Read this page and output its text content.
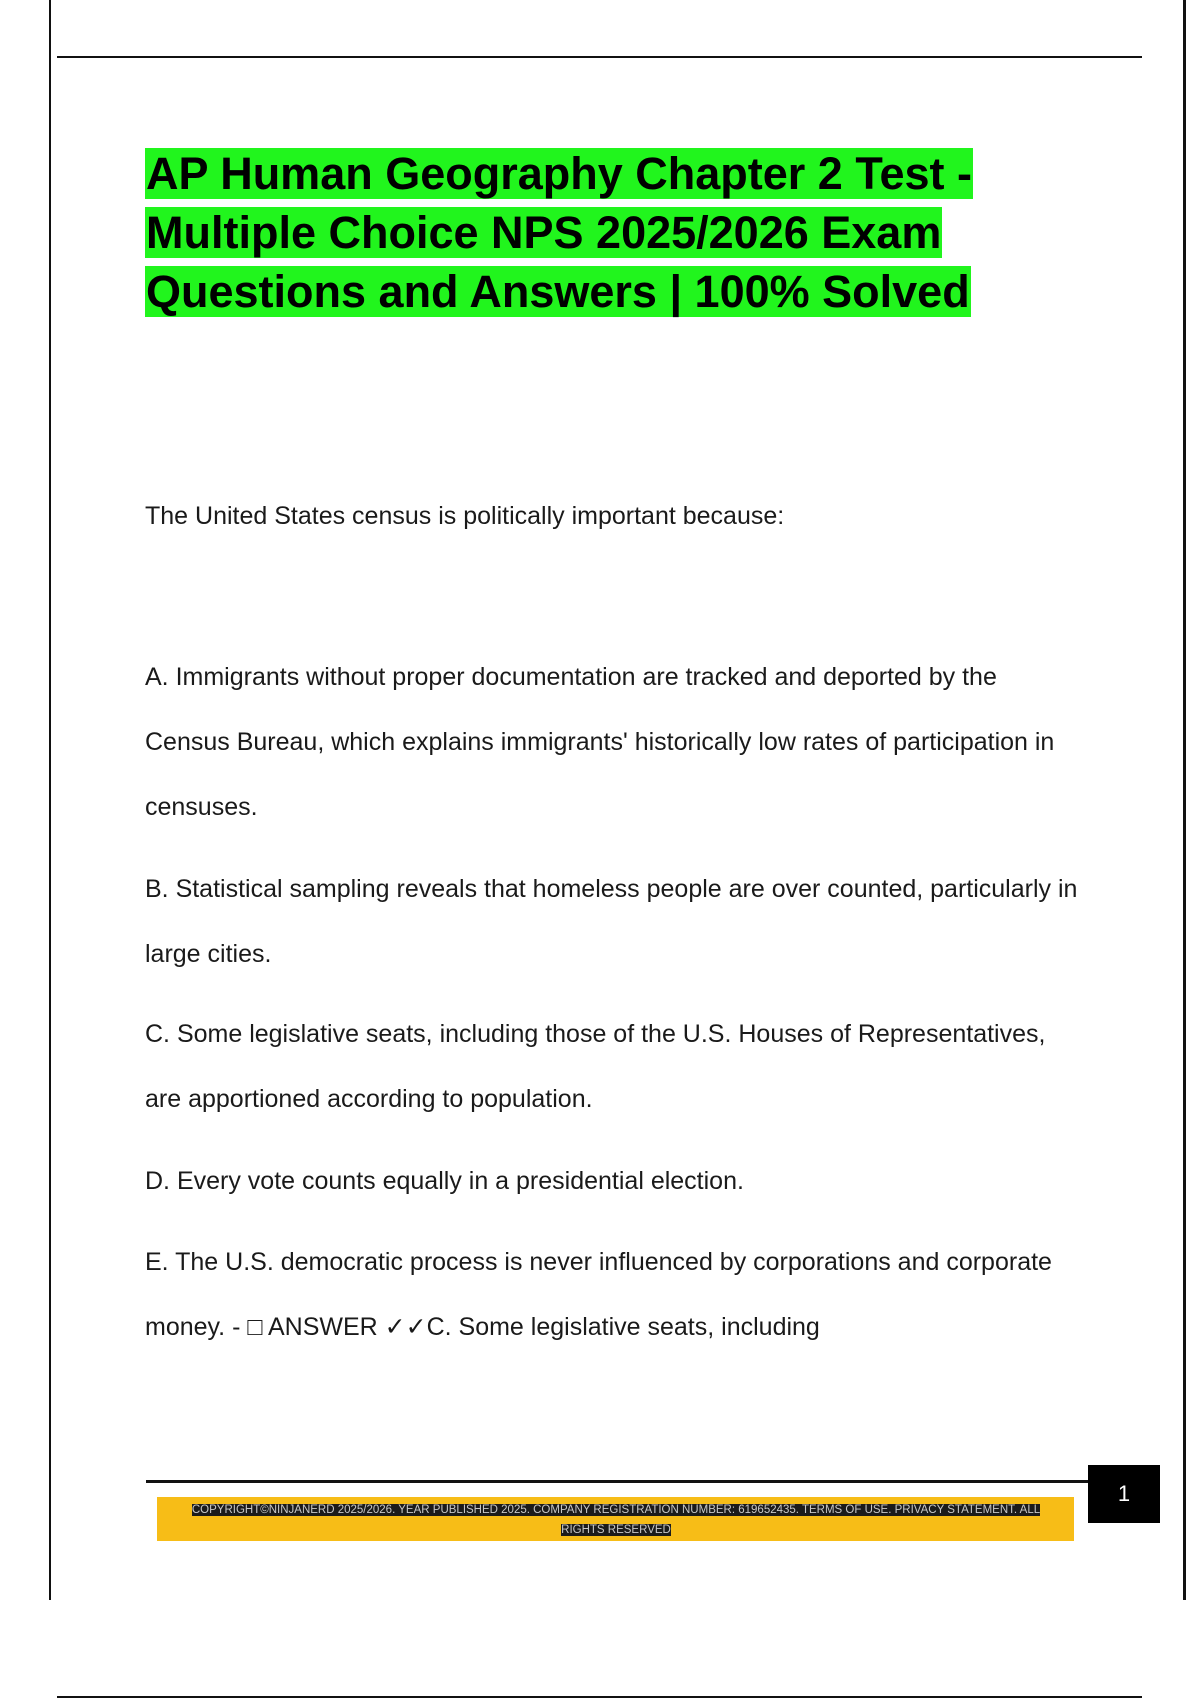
AP Human Geography Chapter 2 Test - Multiple Choice NPS 2025/2026 Exam Questions and Answers | 100% Solved

The United States census is politically important because:

A. Immigrants without proper documentation are tracked and deported by the Census Bureau, which explains immigrants' historically low rates of participation in censuses.

B. Statistical sampling reveals that homeless people are over counted, particularly in large cities.

C. Some legislative seats, including those of the U.S. Houses of Representatives, are apportioned according to population.

D. Every vote counts equally in a presidential election.

E. The U.S. democratic process is never influenced by corporations and corporate money. - □ ANSWER ✓✓C. Some legislative seats, including

1

COPYRIGHT©NINJANERD 2025/2026. YEAR PUBLISHED 2025. COMPANY REGISTRATION NUMBER: 619652435. TERMS OF USE. PRIVACY STATEMENT. ALL RIGHTS RESERVED
